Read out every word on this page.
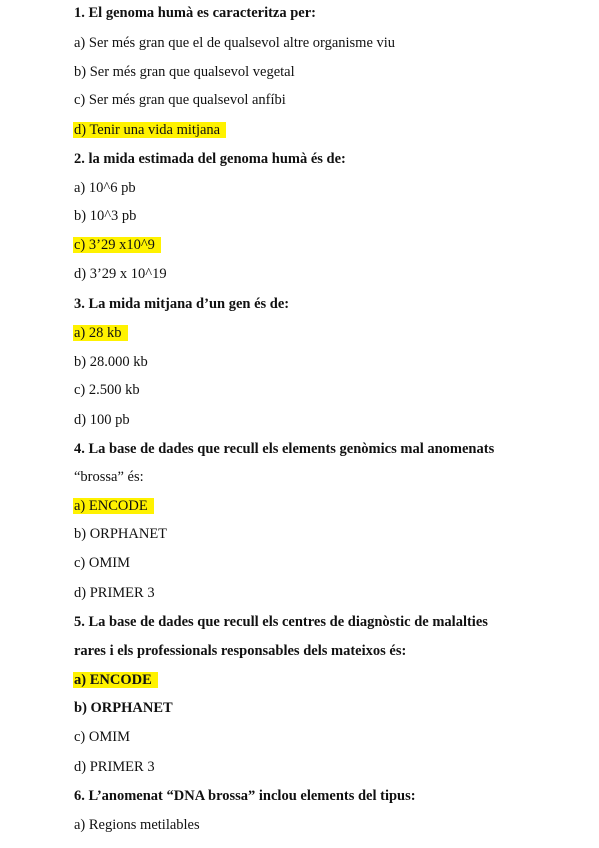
1. El genoma humà es caracteritza per:
a) Ser més gran que el de qualsevol altre organisme viu
b) Ser més gran que qualsevol vegetal
c) Ser més gran que qualsevol anfíbi
d) Tenir una vida mitjana
2. la mida estimada del genoma humà és de:
a) 10^6 pb
b) 10^3 pb
c) 3’29 x10^9
d) 3’29 x 10^19
3. La mida mitjana d’un gen és de:
a) 28 kb
b) 28.000 kb
c) 2.500 kb
d) 100 pb
4. La base de dades que recull els elements genòmics mal anomenats
“brossa” és:
a) ENCODE
b) ORPHANET
c) OMIM
d) PRIMER 3
5. La base de dades que recull els centres de diagnòstic de malalties
rares i els professionals responsables dels mateixos és:
a) ENCODE
b) ORPHANET
c) OMIM
d) PRIMER 3
6. L’anomenat “DNA brossa” inclou elements del tipus:
a) Regions metilables
